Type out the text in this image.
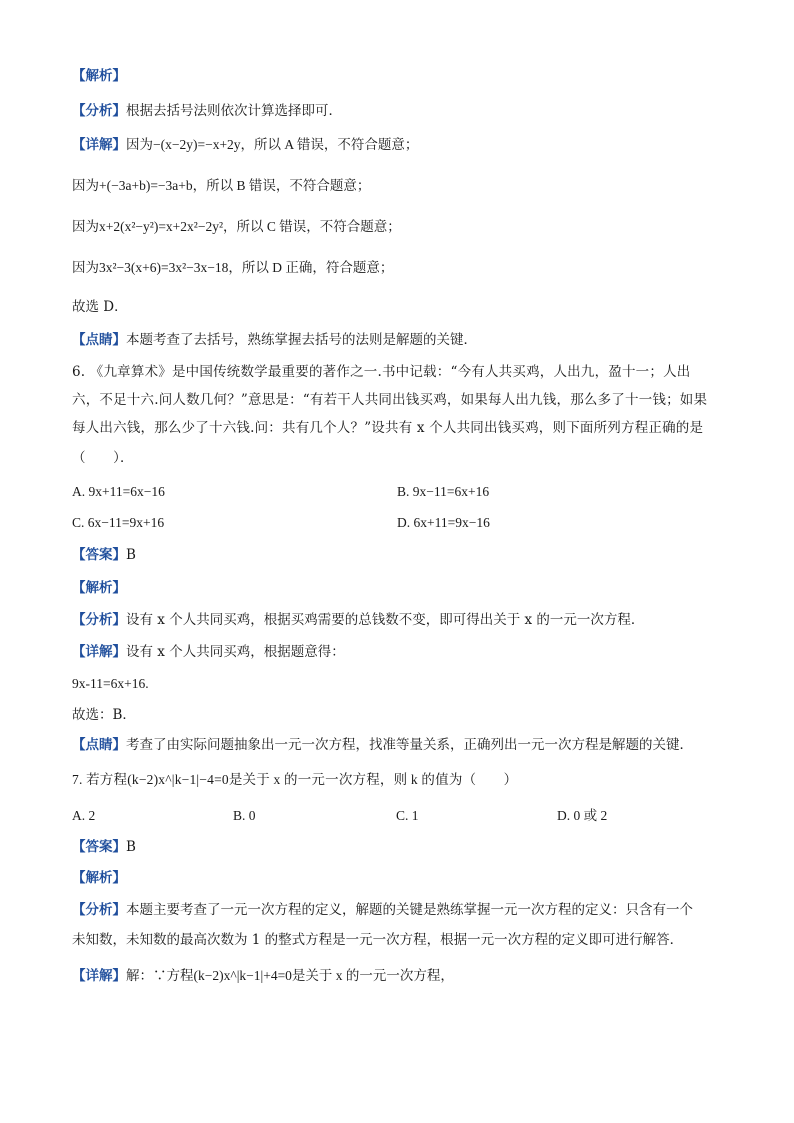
【解析】
【分析】根据去括号法则依次计算选择即可．
【详解】因为−(x−2y)=−x+2y，所以 A 错误，不符合题意；
因为+(−3a+b)=−3a+b，所以 B 错误，不符合题意；
因为x+2(x²−y²)=x+2x²−2y²，所以 C 错误，不符合题意；
因为3x²−3(x+6)=3x²−3x−18，所以 D 正确，符合题意；
故选 D．
【点睛】本题考查了去括号，熟练掌握去括号的法则是解题的关键．
6. 《九章算术》是中国传统数学最重要的著作之一.书中记载：“今有人共买鸡，人出九，盈十一；人出
六，不足十六.问人数几何？”意思是：“有若干人共同出钱买鸡，如果每人出九钱，那么多了十一钱；如果
每人出六钱，那么少了十六钱.问：共有几个人？”设共有 x 个人共同出钱买鸡，则下面所列方程正确的是
（　　）．
A. 9x+11=6x−16	B. 9x−11=6x+16
C. 6x−11=9x+16	D. 6x+11=9x−16
【答案】B
【解析】
【分析】设有 x 个人共同买鸡，根据买鸡需要的总钱数不变，即可得出关于 x 的一元一次方程．
【详解】设有 x 个人共同买鸡，根据题意得：
9x-11=6x+16.
故选：B．
【点睛】考查了由实际问题抽象出一元一次方程，找准等量关系，正确列出一元一次方程是解题的关键．
7. 若方程(k−2)x^|k−1|−4=0是关于 x 的一元一次方程，则 k 的值为（　　）
A. 2	B. 0	C. 1	D. 0 或 2
【答案】B
【解析】
【分析】本题主要考查了一元一次方程的定义，解题的关键是熟练掌握一元一次方程的定义：只含有一个
未知数，未知数的最高次数为 1 的整式方程是一元一次方程，根据一元一次方程的定义即可进行解答．
【详解】解：∵方程(k−2)x^|k−1|+4=0是关于 x 的一元一次方程，
